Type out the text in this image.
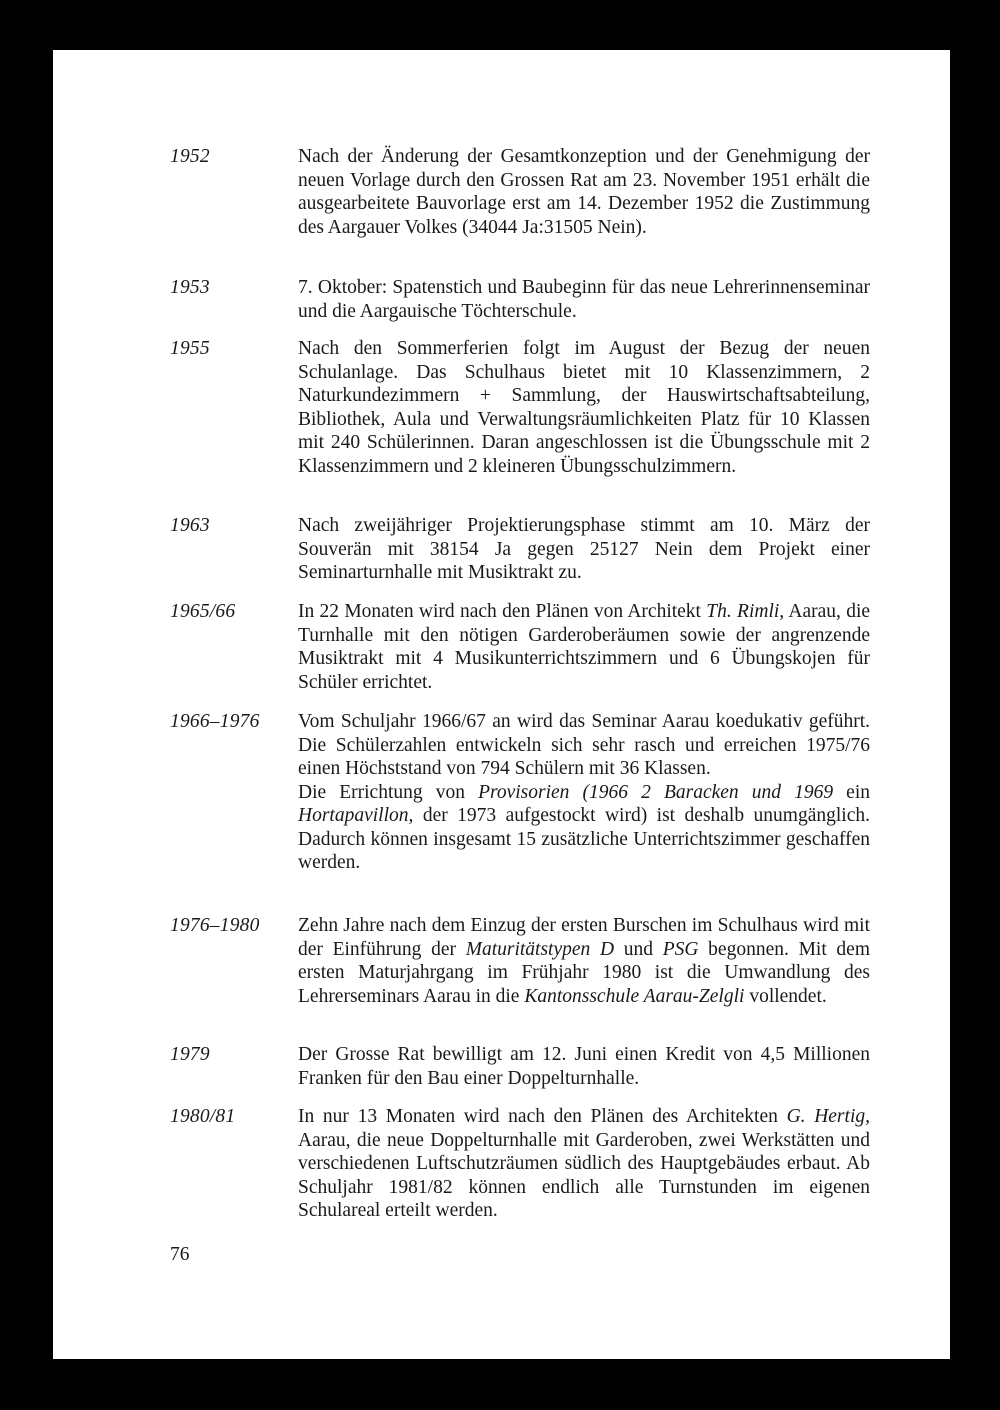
1952	Nach der Änderung der Gesamtkonzeption und der Genehmigung der neuen Vorlage durch den Grossen Rat am 23. November 1951 erhält die ausgearbeitete Bauvorlage erst am 14. Dezember 1952 die Zustimmung des Aargauer Volkes (34044 Ja:31505 Nein).
1953	7. Oktober: Spatenstich und Baubeginn für das neue Lehrerinnenseminar und die Aargauische Töchterschule.
1955	Nach den Sommerferien folgt im August der Bezug der neuen Schulanlage. Das Schulhaus bietet mit 10 Klassenzimmern, 2 Naturkundezimmern + Sammlung, der Hauswirtschaftsabteilung, Bibliothek, Aula und Verwaltungsräumlichkeiten Platz für 10 Klassen mit 240 Schülerinnen. Daran angeschlossen ist die Übungsschule mit 2 Klassenzimmern und 2 kleineren Übungsschulzimmern.
1963	Nach zweijähriger Projektierungsphase stimmt am 10. März der Souverän mit 38154 Ja gegen 25127 Nein dem Projekt einer Seminarturnhalle mit Musiktrakt zu.
1965/66	In 22 Monaten wird nach den Plänen von Architekt Th. Rimli, Aarau, die Turnhalle mit den nötigen Garderoberäumen sowie der angrenzende Musiktrakt mit 4 Musikunterrichtszimmern und 6 Übungskojen für Schüler errichtet.
1966–1976 Vom Schuljahr 1966/67 an wird das Seminar Aarau koedukativ geführt. Die Schülerzahlen entwickeln sich sehr rasch und erreichen 1975/76 einen Höchststand von 794 Schülern mit 36 Klassen.

Die Errichtung von Provisorien (1966 2 Baracken und 1969 ein Hortapavillon, der 1973 aufgestockt wird) ist deshalb unumgänglich. Dadurch können insgesamt 15 zusätzliche Unterrichtszimmer geschaffen werden.

1976–1980 Zehn Jahre nach dem Einzug der ersten Burschen im Schulhaus wird mit der Einführung der Maturitätstypen D und PSG begonnen. Mit dem ersten Maturjahrgang im Frühjahr 1980 ist die Umwandlung des Lehrerseminars Aarau in die Kantonsschule Aarau-Zelgli vollendet.
1979	Der Grosse Rat bewilligt am 12. Juni einen Kredit von 4,5 Millionen Franken für den Bau einer Doppelturnhalle.
1980/81	In nur 13 Monaten wird nach den Plänen des Architekten G. Hertig, Aarau, die neue Doppelturnhalle mit Garderoben, zwei Werkstätten und verschiedenen Luftschutzräumen südlich des Hauptgebäudes erbaut. Ab Schuljahr 1981/82 können endlich alle Turnstunden im eigenen Schulareal erteilt werden.
76
